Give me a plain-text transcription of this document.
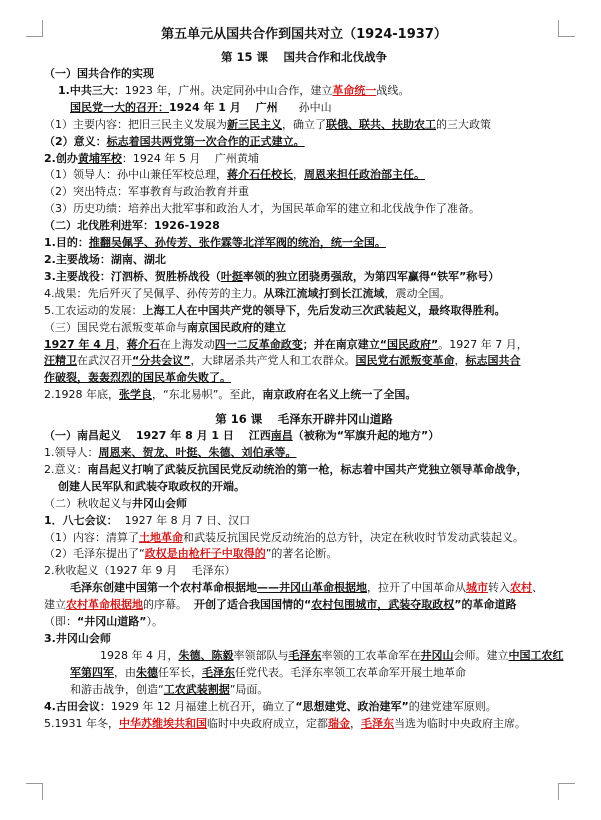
第五单元从国共合作到国共对立（1924-1937）
第 15 课　 国共合作和北伐战争
（一）国共合作的实现
1.中共三大：1923 年，广州。决定同孙中山合作，建立革命统一战线。
国民党一大的召开：1924 年 1 月　 广州 孙中山
（1）主要内容：把旧三民主义发展为新三民主义，确立了联俄、联共、扶助农工的三大政策
（2）意义：标志着国共两党第一次合作的正式建立。
2.创办黄埔军校：1924 年 5 月　 广州黄埔
（1）领导人：孙中山兼任军校总理，蒋介石任校长，周恩来担任政治部主任。
（2）突出特点：军事教育与政治教育并重
（3）历史功绩：培养出大批军事和政治人才，为国民革命军的建立和北伐战争作了准备。
（二）北伐胜利进军：1926-1928
1.目的：推翻吴佩孚、孙传芳、张作霖等北洋军阀的统治，统一全国。
2.主要战场：湖南、湖北
3.主要战役：汀泗桥、贺胜桥战役（叶挺率领的独立团骁勇强敌，为第四军赢得“铁军”称号）
4.战果：先后歼灭了吴佩孚、孙传芳的主力。从珠江流域打到长江流域，震动全国。
5.工农运动的发展：上海工人在中国共产党的领导下，先后发动三次武装起义，最终取得胜利。
（三）国民党右派叛变革命与南京国民政府的建立
1927 年 4 月，蒋介石在上海发动四一二反革命政变；并在南京建立“国民政府”。1927 年 7 月，
汪精卫在武汉召开“分共会议”，大肆屠杀共产党人和工农群众。国民党右派叛变革命，标志国共合
作破裂，轰轰烈烈的国民革命失败了。
2.1928 年底，张学良，“东北易帜”。至此，南京政府在名义上统一了全国。
第 16 课　 毛泽东开辟井冈山道路
（一）南昌起义　 1927 年 8 月 1 日　 江西南昌（被称为“军旗升起的地方”）
1.领导人：周恩来、贺龙、叶挺、朱德、刘伯承等。
2.意义：南昌起义打响了武装反抗国民党反动统治的第一枪，标志着中国共产党独立领导革命战争，
创建人民军队和武装夺取政权的开端。
（二）秋收起义与井冈山会师
1．八七会议： 1927 年 8 月 7 日、汉口
（1）内容：清算了土地革命和武装反抗国民党反动统治的总方针，决定在秋收时节发动武装起义。
（2）毛泽东提出了“政权是由枪杆子中取得的”的著名论断。
2.秋收起义（1927 年 9 月　 毛泽东）
毛泽东创建中国第一个农村革命根据地——井冈山革命根据地，拉开了中国革命从城市转入农村、
建立农村革命根据地的序幕。 开创了适合我国国情的“农村包围城市，武装夺取政权”的革命道路
（即：“井冈山道路”）。
3.井冈山会师
1928 年 4 月，朱德、陈毅率领部队与毛泽东率领的工农革命军在井冈山会师。建立中国工农红
军第四军，由朱德任军长，毛泽东任党代表。毛泽东率领工农革命军开展土地革命
和游击战争，创造“工农武装割据”局面。
4.古田会议：1929 年 12 月福建上杭召开，确立了“思想建党、政治建军”的建党建军原则。
5.1931 年冬，中华苏维埃共和国临时中央政府成立，定都瑞金，毛泽东当选为临时中央政府主席。
